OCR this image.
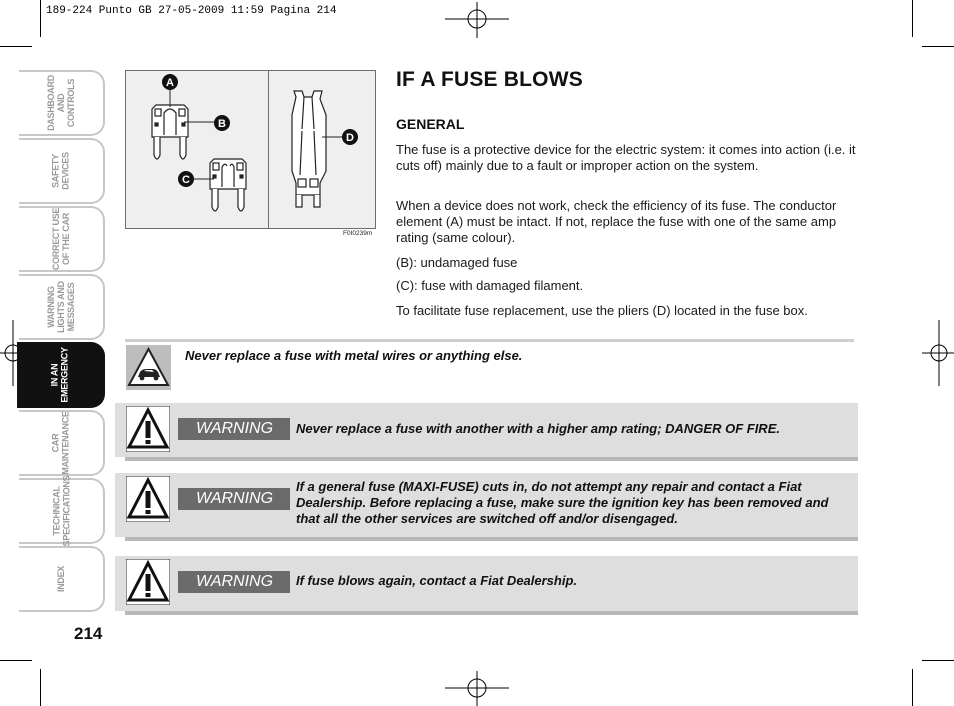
189-224 Punto GB 27-05-2009 11:59 Pagina 214
DASHBOARD
AND
CONTROLS
SAFETY
DEVICES
CORRECT USE
OF THE CAR
WARNING
LIGHTS AND
MESSAGES
IN AN
EMERGENCY
CAR
MAINTENANCE
TECHNICAL
SPECIFICATIONS
INDEX
214
A
B
C
D
F0I0239m
IF A FUSE BLOWS
GENERAL

The fuse is a protective device for the electric system: it comes into action (i.e. it cuts off) mainly due to a fault or improper action on the system.

When a device does not work, check the efficiency of its fuse. The conductor element (A) must be intact. If not, replace the fuse with one of the same amp rating (same colour).

(B): undamaged fuse

(C): fuse with damaged filament.

To facilitate fuse replacement, use the pliers (D) located in the fuse box.

Never replace a fuse with metal wires or anything else.
WARNING	Never replace a fuse with another with a higher amp rating; DANGER OF FIRE.
WARNING
If a general fuse (MAXI-FUSE) cuts in, do not attempt any repair and contact a Fiat Dealership. Before replacing a fuse, make sure the ignition key has been removed and that all the other services are switched off and/or disengaged.
WARNING	If fuse blows again, contact a Fiat Dealership.
